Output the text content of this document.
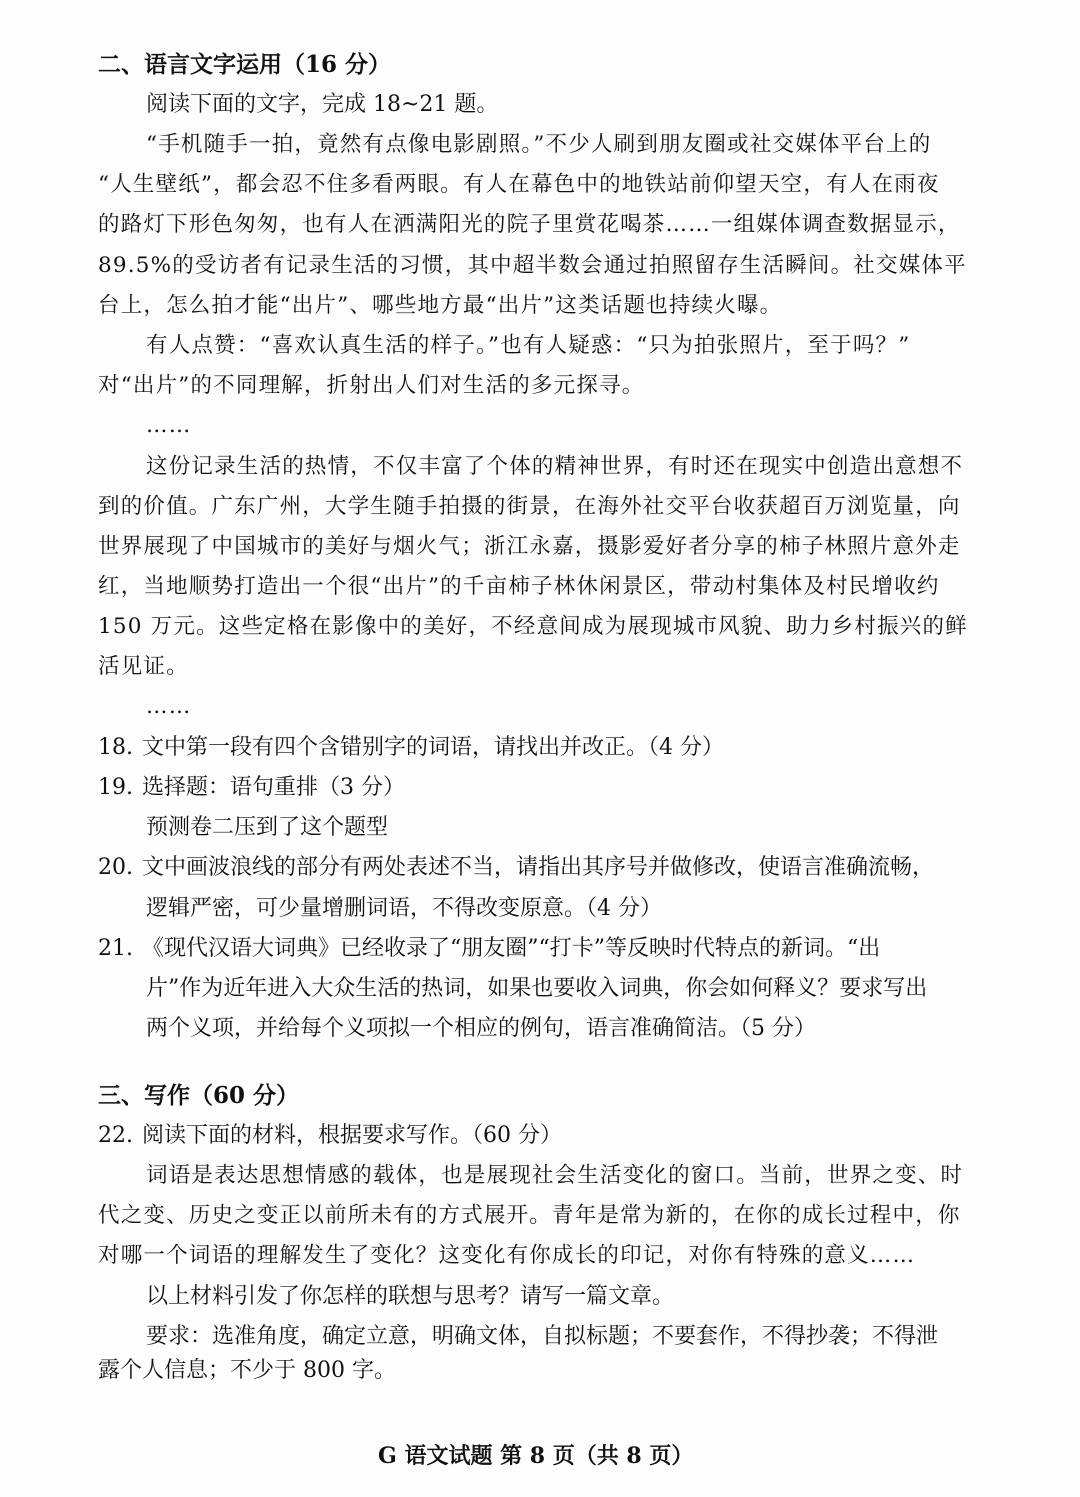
二、语言文字运用（16 分）
阅读下面的文字，完成 18~21 题。
“手机随手一拍，竟然有点像电影剧照。”不少人刷到朋友圈或社交媒体平台上的
“人生壁纸”，都会忍不住多看两眼。有人在幕色中的地铁站前仰望天空，有人在雨夜
的路灯下形色匆匆，也有人在洒满阳光的院子里赏花喝茶……一组媒体调查数据显示，
89.5%的受访者有记录生活的习惯，其中超半数会通过拍照留存生活瞬间。社交媒体平
台上，怎么拍才能“出片”、哪些地方最“出片”这类话题也持续火曝。
有人点赞：“喜欢认真生活的样子。”也有人疑惑：“只为拍张照片，至于吗？”
对“出片”的不同理解，折射出人们对生活的多元探寻。
……
这份记录生活的热情，不仅丰富了个体的精神世界，有时还在现实中创造出意想不
到的价值。广东广州，大学生随手拍摄的街景，在海外社交平台收获超百万浏览量，向
世界展现了中国城市的美好与烟火气；浙江永嘉，摄影爱好者分享的柿子林照片意外走
红，当地顺势打造出一个很“出片”的千亩柿子林休闲景区，带动村集体及村民增收约
150 万元。这些定格在影像中的美好，不经意间成为展现城市风貌、助力乡村振兴的鲜
活见证。
……
18. 文中第一段有四个含错别字的词语，请找出并改正。（4 分）
19. 选择题：语句重排（3 分）
预测卷二压到了这个题型
20. 文中画波浪线的部分有两处表述不当，请指出其序号并做修改，使语言准确流畅，
逻辑严密，可少量增删词语，不得改变原意。（4 分）
21. 《现代汉语大词典》已经收录了“朋友圈”“打卡”等反映时代特点的新词。“出
片”作为近年进入大众生活的热词，如果也要收入词典，你会如何释义？要求写出
两个义项，并给每个义项拟一个相应的例句，语言准确简洁。（5 分）
三、写作（60 分）
22. 阅读下面的材料，根据要求写作。（60 分）
词语是表达思想情感的载体，也是展现社会生活变化的窗口。当前，世界之变、时
代之变、历史之变正以前所未有的方式展开。青年是常为新的，在你的成长过程中，你
对哪一个词语的理解发生了变化？这变化有你成长的印记，对你有特殊的意义……
以上材料引发了你怎样的联想与思考？请写一篇文章。
要求：选准角度，确定立意，明确文体，自拟标题；不要套作，不得抄袭；不得泄
露个人信息；不少于 800 字。
G 语文试题 第 8 页（共 8 页）
